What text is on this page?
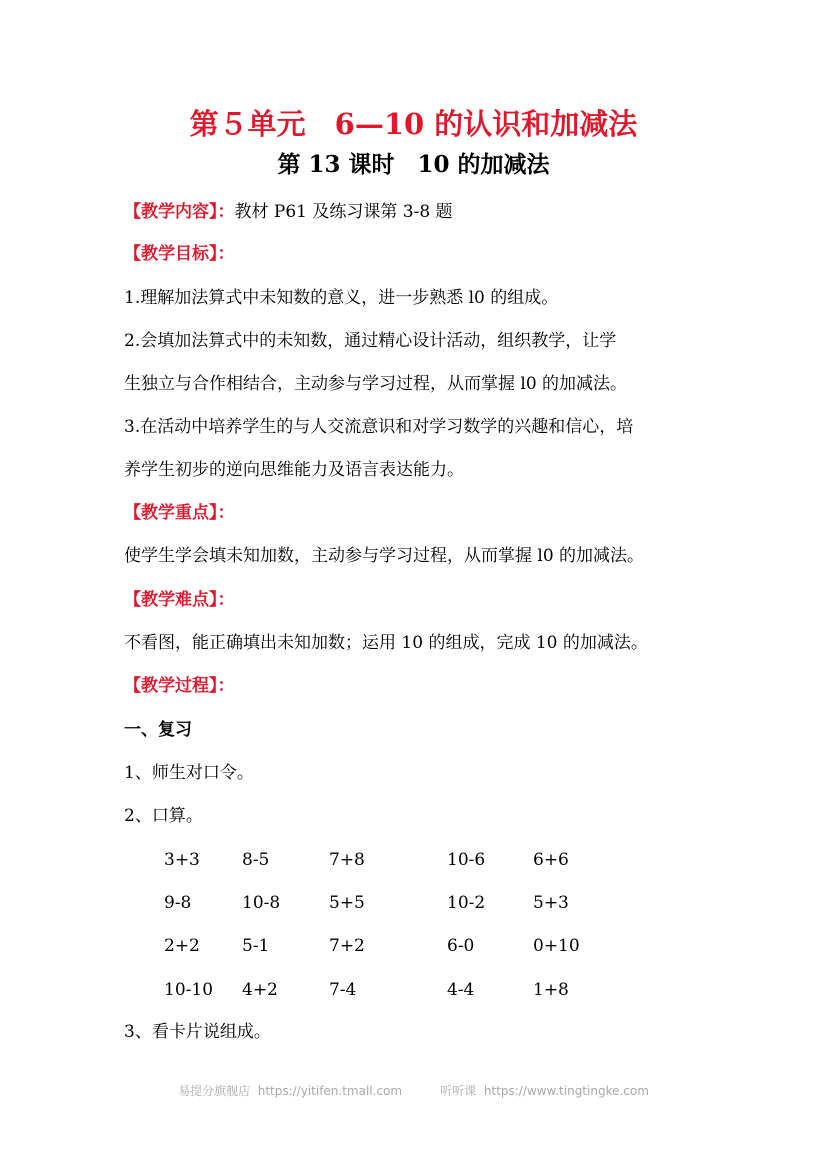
第５单元　6—10 的认识和加减法
第 13 课时　10 的加减法
【教学内容】：教材 P61 及练习课第 3-8 题
【教学目标】：
1.理解加法算式中未知数的意义，进一步熟悉 l0 的组成。
2.会填加法算式中的未知数，通过精心设计活动，组织教学，让学
生独立与合作相结合，主动参与学习过程，从而掌握 l0 的加减法。
3.在活动中培养学生的与人交流意识和对学习数学的兴趣和信心，培
养学生初步的逆向思维能力及语言表达能力。
【教学重点】：
使学生学会填未知加数，主动参与学习过程，从而掌握 l0 的加减法。
【教学难点】：
不看图，能正确填出未知加数；运用 10 的组成，完成 10 的加减法。
【教学过程】：
一、复习
1、师生对口令。
2、口算。
3+3 8-5	7+8	10-6	6+6
9-8	10-8	5+5	10-2	5+3
2+2 5-1	7+2	6-0	0+10
10-10 4+2	7-4	4-4	1+8
3、看卡片说组成。
易提分旗舰店  https://yitifen.tmall.com	听听课  https://www.tingtingke.com
